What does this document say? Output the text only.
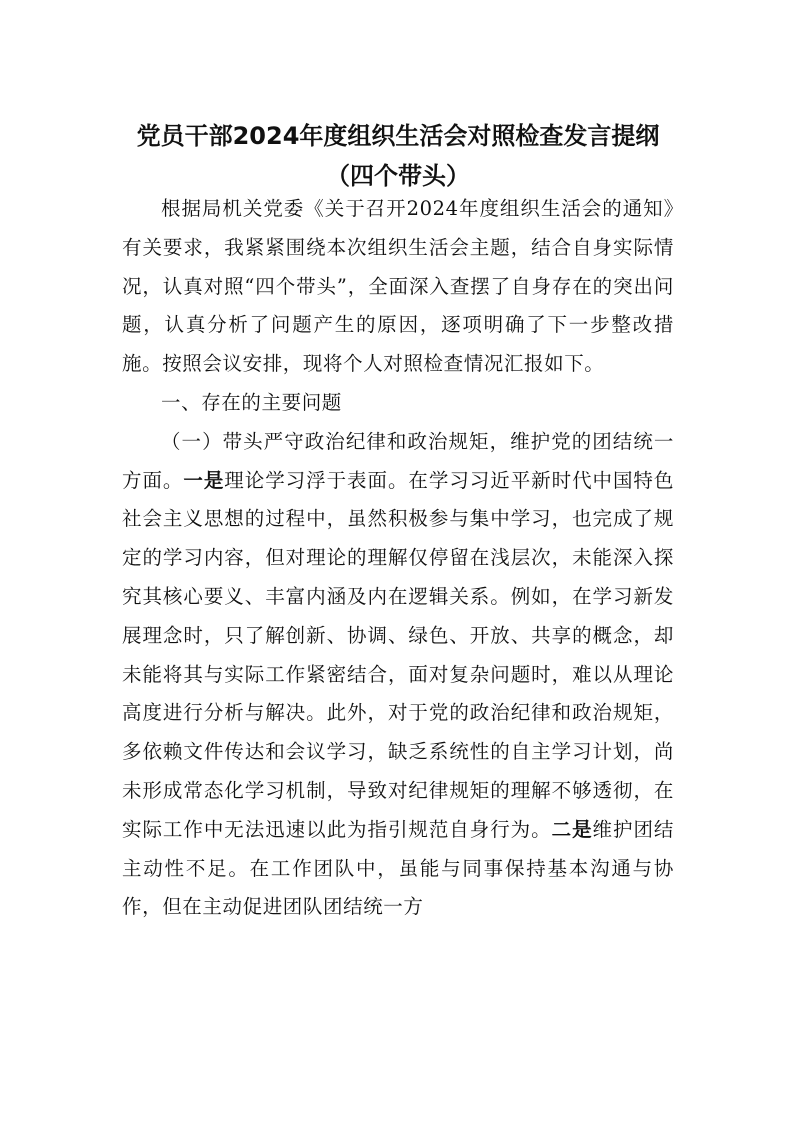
党员干部2024年度组织生活会对照检查发言提纲（四个带头）

根据局机关党委《关于召开2024年度组织生活会的通知》有关要求，我紧紧围绕本次组织生活会主题，结合自身实际情况，认真对照“四个带头”，全面深入查摆了自身存在的突出问题，认真分析了问题产生的原因，逐项明确了下一步整改措施。按照会议安排，现将个人对照检查情况汇报如下。

一、存在的主要问题

（一）带头严守政治纪律和政治规矩，维护党的团结统一方面。一是理论学习浮于表面。在学习习近平新时代中国特色社会主义思想的过程中，虽然积极参与集中学习，也完成了规定的学习内容，但对理论的理解仅停留在浅层次，未能深入探究其核心要义、丰富内涵及内在逻辑关系。例如，在学习新发展理念时，只了解创新、协调、绿色、开放、共享的概念，却未能将其与实际工作紧密结合，面对复杂问题时，难以从理论高度进行分析与解决。此外，对于党的政治纪律和政治规矩，多依赖文件传达和会议学习，缺乏系统性的自主学习计划，尚未形成常态化学习机制，导致对纪律规矩的理解不够透彻，在实际工作中无法迅速以此为指引规范自身行为。二是维护团结主动性不足。在工作团队中，虽能与同事保持基本沟通与协作，但在主动促进团队团结统一方
